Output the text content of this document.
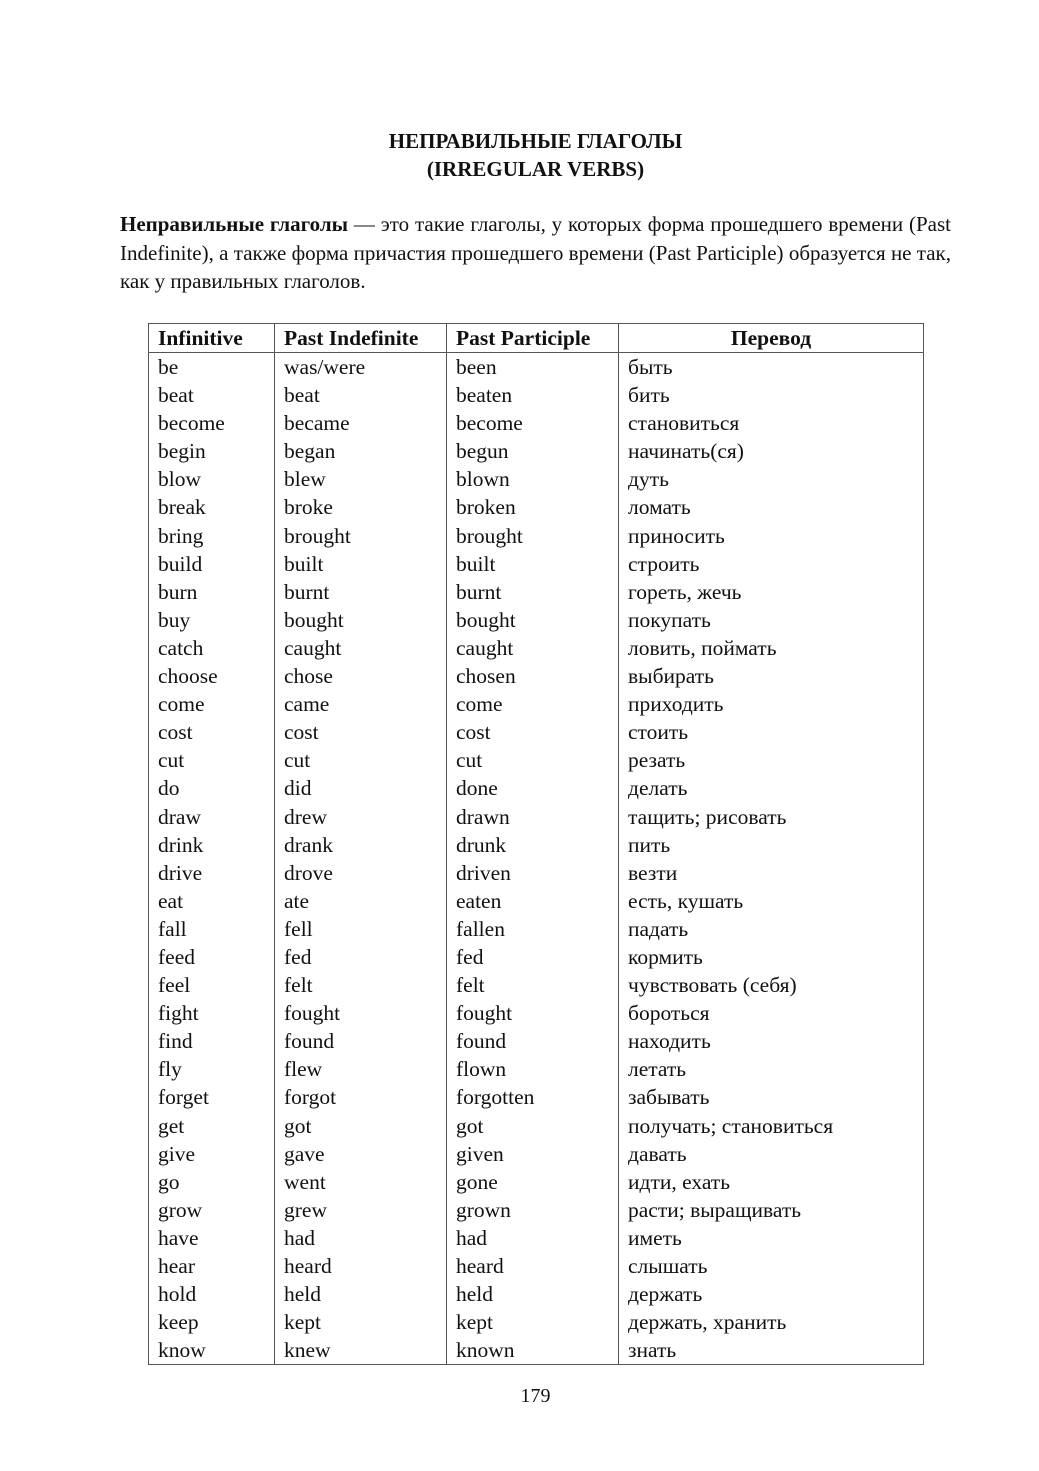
НЕПРАВИЛЬНЫЕ ГЛАГОЛЫ
(IRREGULAR VERBS)

Неправильные глаголы — это такие глаголы, у которых форма прошедшего времени (Past Indefinite), а также форма причастия прошедшего времени (Past Participle) образуется не так, как у правильных глаголов.

Infinitive	Past Indefinite	Past Participle	Перевод
be	was/were	been	быть
beat	beat	beaten	бить
become	became	become	становиться
begin	began	begun	начинать(ся)
blow	blew	blown	дуть
break	broke	broken	ломать
bring	brought	brought	приносить
build	built	built	строить
burn	burnt	burnt	гореть, жечь
buy	bought	bought	покупать
catch	caught	caught	ловить, поймать
choose	chose	chosen	выбирать
come	came	come	приходить
cost	cost	cost	стоить
cut	cut	cut	резать
do	did	done	делать
draw	drew	drawn	тащить; рисовать
drink	drank	drunk	пить
drive	drove	driven	везти
eat	ate	eaten	есть, кушать
fall	fell	fallen	падать
feed	fed	fed	кормить
feel	felt	felt	чувствовать (себя)
fight	fought	fought	бороться
find	found	found	находить
fly	flew	flown	летать
forget	forgot	forgotten	забывать
get	got	got	получать; становиться
give	gave	given	давать
go	went	gone	идти, ехать
grow	grew	grown	расти; выращивать
have	had	had	иметь
hear	heard	heard	слышать
hold	held	held	держать
keep	kept	kept	держать, хранить
know	knew	known	знать
179
